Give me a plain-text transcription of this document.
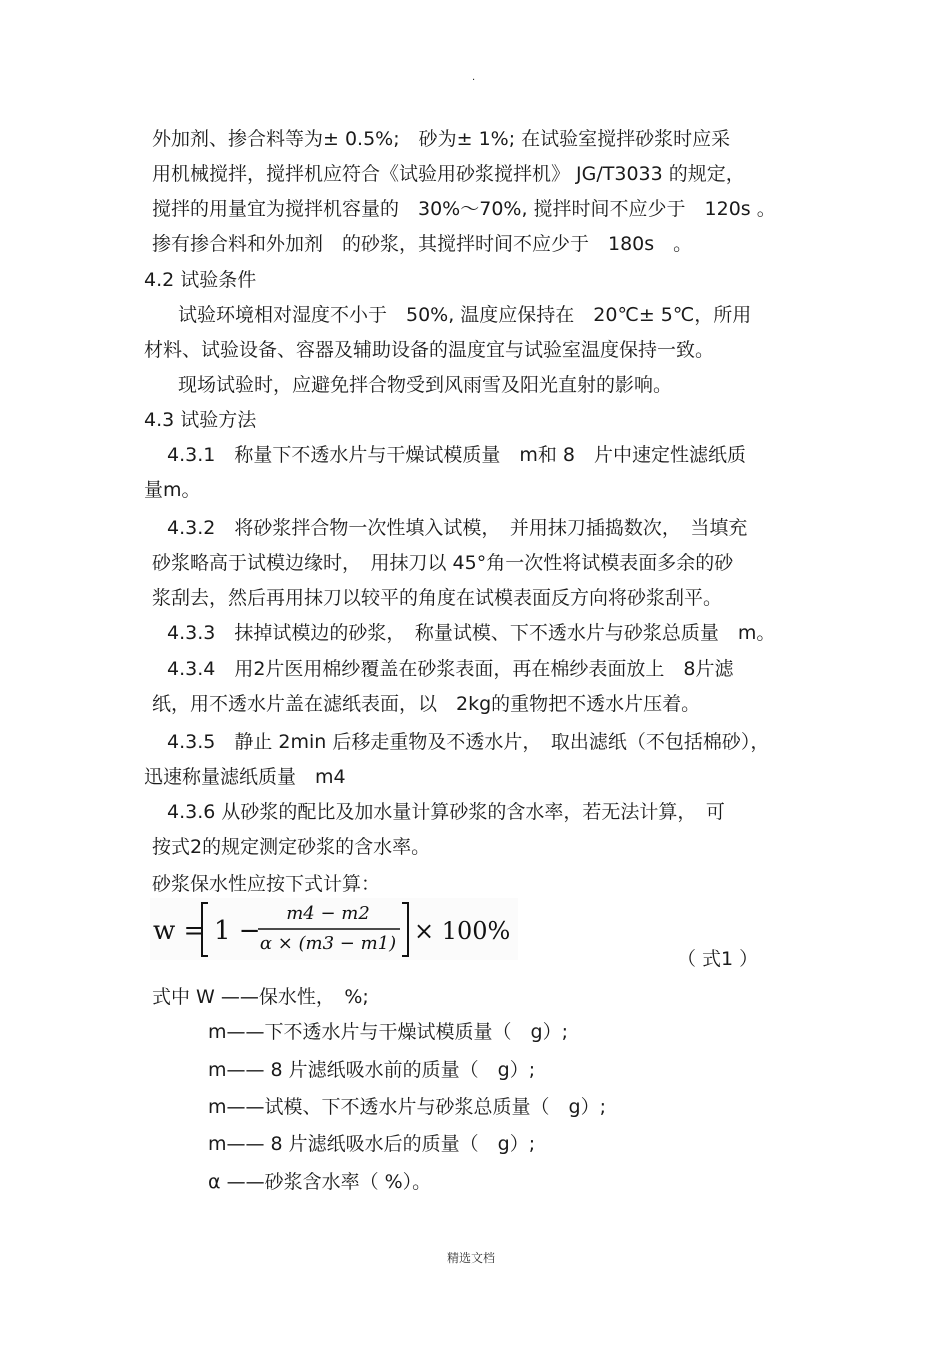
.
外加剂、掺合料等为± 0.5%;　砂为± 1%; 在试验室搅拌砂浆时应采
用机械搅拌，搅拌机应符合《试验用砂浆搅拌机》 JG/T3033 的规定，
搅拌的用量宜为搅拌机容量的　30%～70%, 搅拌时间不应少于　120s 。
掺有掺合料和外加剂　的砂浆，其搅拌时间不应少于　180s　。
4.2 试验条件
试验环境相对湿度不小于　50%, 温度应保持在　20℃± 5℃，所用
材料、试验设备、容器及辅助设备的温度宜与试验室温度保持一致。
现场试验时，应避免拌合物受到风雨雪及阳光直射的影响。
4.3 试验方法
4.3.1　称量下不透水片与干燥试模质量　m和 8　片中速定性滤纸质
量m。
4.3.2　将砂浆拌合物一次性填入试模，　并用抹刀插捣数次，　当填充
砂浆略高于试模边缘时，　用抹刀以 45°角一次性将试模表面多余的砂
浆刮去，然后再用抹刀以较平的角度在试模表面反方向将砂浆刮平。
4.3.3　抹掉试模边的砂浆，　称量试模、下不透水片与砂浆总质量　m。
4.3.4　用2片医用棉纱覆盖在砂浆表面，再在棉纱表面放上　8片滤
纸，用不透水片盖在滤纸表面，以　2kg的重物把不透水片压着。
4.3.5　静止 2min 后移走重物及不透水片，　取出滤纸（不包括棉砂），
迅速称量滤纸质量　m4
4.3.6 从砂浆的配比及加水量计算砂浆的含水率，若无法计算，　可
按式2的规定测定砂浆的含水率。
砂浆保水性应按下式计算：
w = 1 −
m4 − m2
α × (m3 − m1) × 100%
（ 式1 ）
式中 W ——保水性，　%;
m——下不透水片与干燥试模质量（　g）;
m—— 8 片滤纸吸水前的质量（　g）;
m——试模、下不透水片与砂浆总质量（　g）;
m—— 8 片滤纸吸水后的质量（　g）;
α ——砂浆含水率（ %）。
精选文档
